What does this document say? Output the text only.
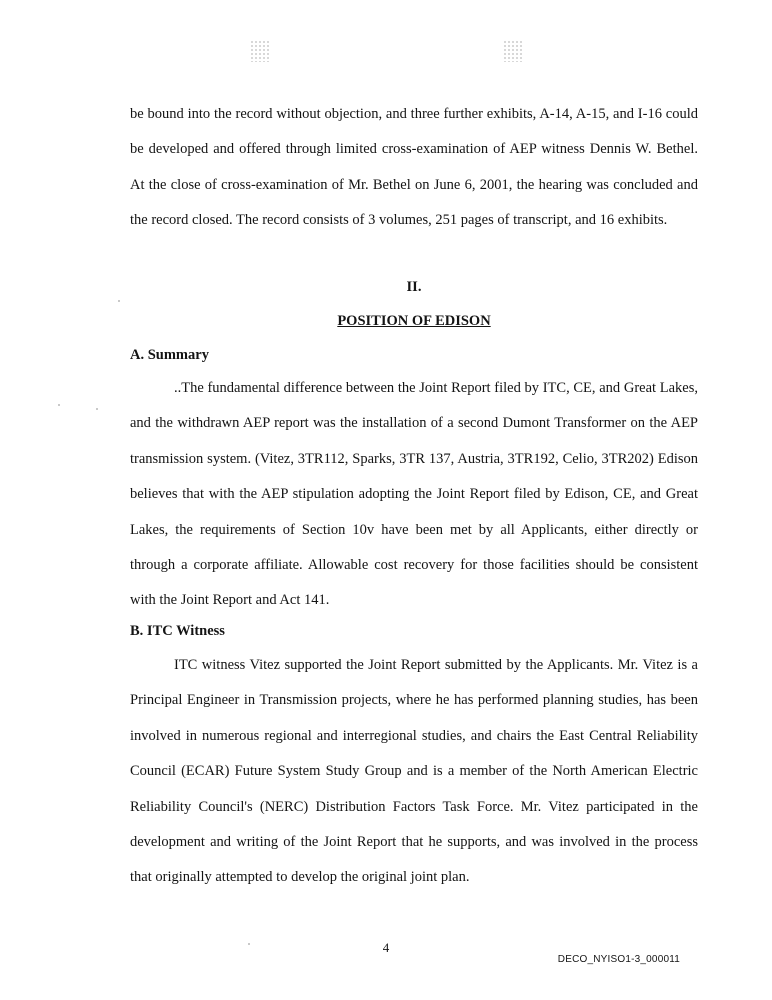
be bound into the record without objection, and three further exhibits, A-14, A-15, and I-16 could be developed and offered through limited cross-examination of AEP witness Dennis W. Bethel. At the close of cross-examination of Mr. Bethel on June 6, 2001, the hearing was concluded and the record closed. The record consists of 3 volumes, 251 pages of transcript, and 16 exhibits.

II.

POSITION OF EDISON

A. Summary

..The fundamental difference between the Joint Report filed by ITC, CE, and Great Lakes, and the withdrawn AEP report was the installation of a second Dumont Transformer on the AEP transmission system. (Vitez, 3TR112, Sparks, 3TR 137, Austria, 3TR192, Celio, 3TR202) Edison believes that with the AEP stipulation adopting the Joint Report filed by Edison, CE, and Great Lakes, the requirements of Section 10v have been met by all Applicants, either directly or through a corporate affiliate. Allowable cost recovery for those facilities should be consistent with the Joint Report and Act 141.

B. ITC Witness

ITC witness Vitez supported the Joint Report submitted by the Applicants. Mr. Vitez is a Principal Engineer in Transmission projects, where he has performed planning studies, has been involved in numerous regional and interregional studies, and chairs the East Central Reliability Council (ECAR) Future System Study Group and is a member of the North American Electric Reliability Council's (NERC) Distribution Factors Task Force. Mr. Vitez participated in the development and writing of the Joint Report that he supports, and was involved in the process that originally attempted to develop the original joint plan.

4
DECO_NYISO1-3_000011
